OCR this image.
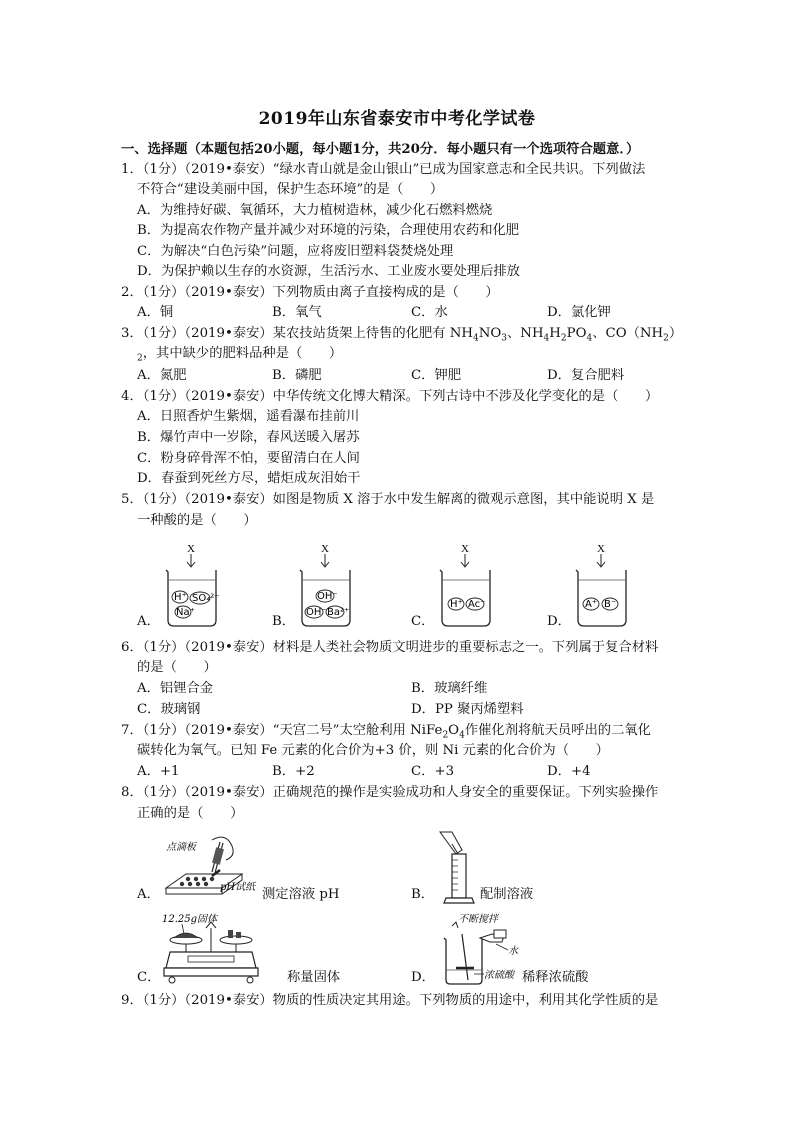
2019年山东省泰安市中考化学试卷
一、选择题（本题包括20小题，每小题1分，共20分．每小题只有一个选项符合题意．）
1．（1分）（2019•泰安）“绿水青山就是金山银山”已成为国家意志和全民共识。下列做法
不符合“建设美丽中国，保护生态环境”的是（　　）
A．为维持好碳、氧循环，大力植树造林，减少化石燃料燃烧
B．为提高农作物产量并减少对环境的污染，合理使用农药和化肥
C．为解决“白色污染”问题，应将废旧塑料袋焚烧处理
D．为保护赖以生存的水资源，生活污水、工业废水要处理后排放
2．（1分）（2019•泰安）下列物质由离子直接构成的是（　　）
A．铜	B．氧气	C．水	D．氯化钾
3．（1分）（2019•泰安）某农技站货架上待售的化肥有 $NH_4NO_3$、$NH_4H_2PO_4$、$CO(NH_2)$
$_2$，其中缺少的肥料品种是（　　）
A．氮肥	B．磷肥	C．钾肥	D．复合肥料
4．（1分）（2019•泰安）中华传统文化博大精深。下列古诗中不涉及化学变化的是（　　）
A．日照香炉生紫烟，遥看瀑布挂前川
B．爆竹声中一岁除，春风送暖入屠苏
C．粉身碎骨浑不怕，要留清白在人间
D．春蚕到死丝方尽，蜡炬成灰泪始干
5．（1分）（2019•泰安）如图是物质 X 溶于水中发生解离的微观示意图，其中能说明 X 是
一种酸的是（　　）
A．
X
H⁺ SO₄²⁻
Na⁺
B．
X
OH⁻
OH⁻ Ba²⁺
C．
X
H⁺ Ac⁻
D．
X
A⁺ B⁻
6．（1分）（2019•泰安）材料是人类社会物质文明进步的重要标志之一。下列属于复合材料
的是（　　）
A．铝锂合金	B．玻璃纤维
C．玻璃钢	D．PP 聚丙烯塑料
7．（1分）（2019•泰安）“天宫二号”太空舱利用 $NiFe_2O_4$作催化剂将航天员呼出的二氧化
碳转化为氧气。已知 Fe 元素的化合价为+3 价，则 Ni 元素的化合价为（　　）
A．+1	B．+2	C．+3	D．+4
8．（1分）（2019•泰安）正确规范的操作是实验成功和人身安全的重要保证。下列实验操作
正确的是（　　）
A．
点滴板
pH试纸 测定溶液 pH	B．	配制溶液
C．
12.25g固体
称量固体	D．
不断搅拌
水
浓硫酸 稀释浓硫酸
9．（1分）（2019•泰安）物质的性质决定其用途。下列物质的用途中，利用其化学性质的是
